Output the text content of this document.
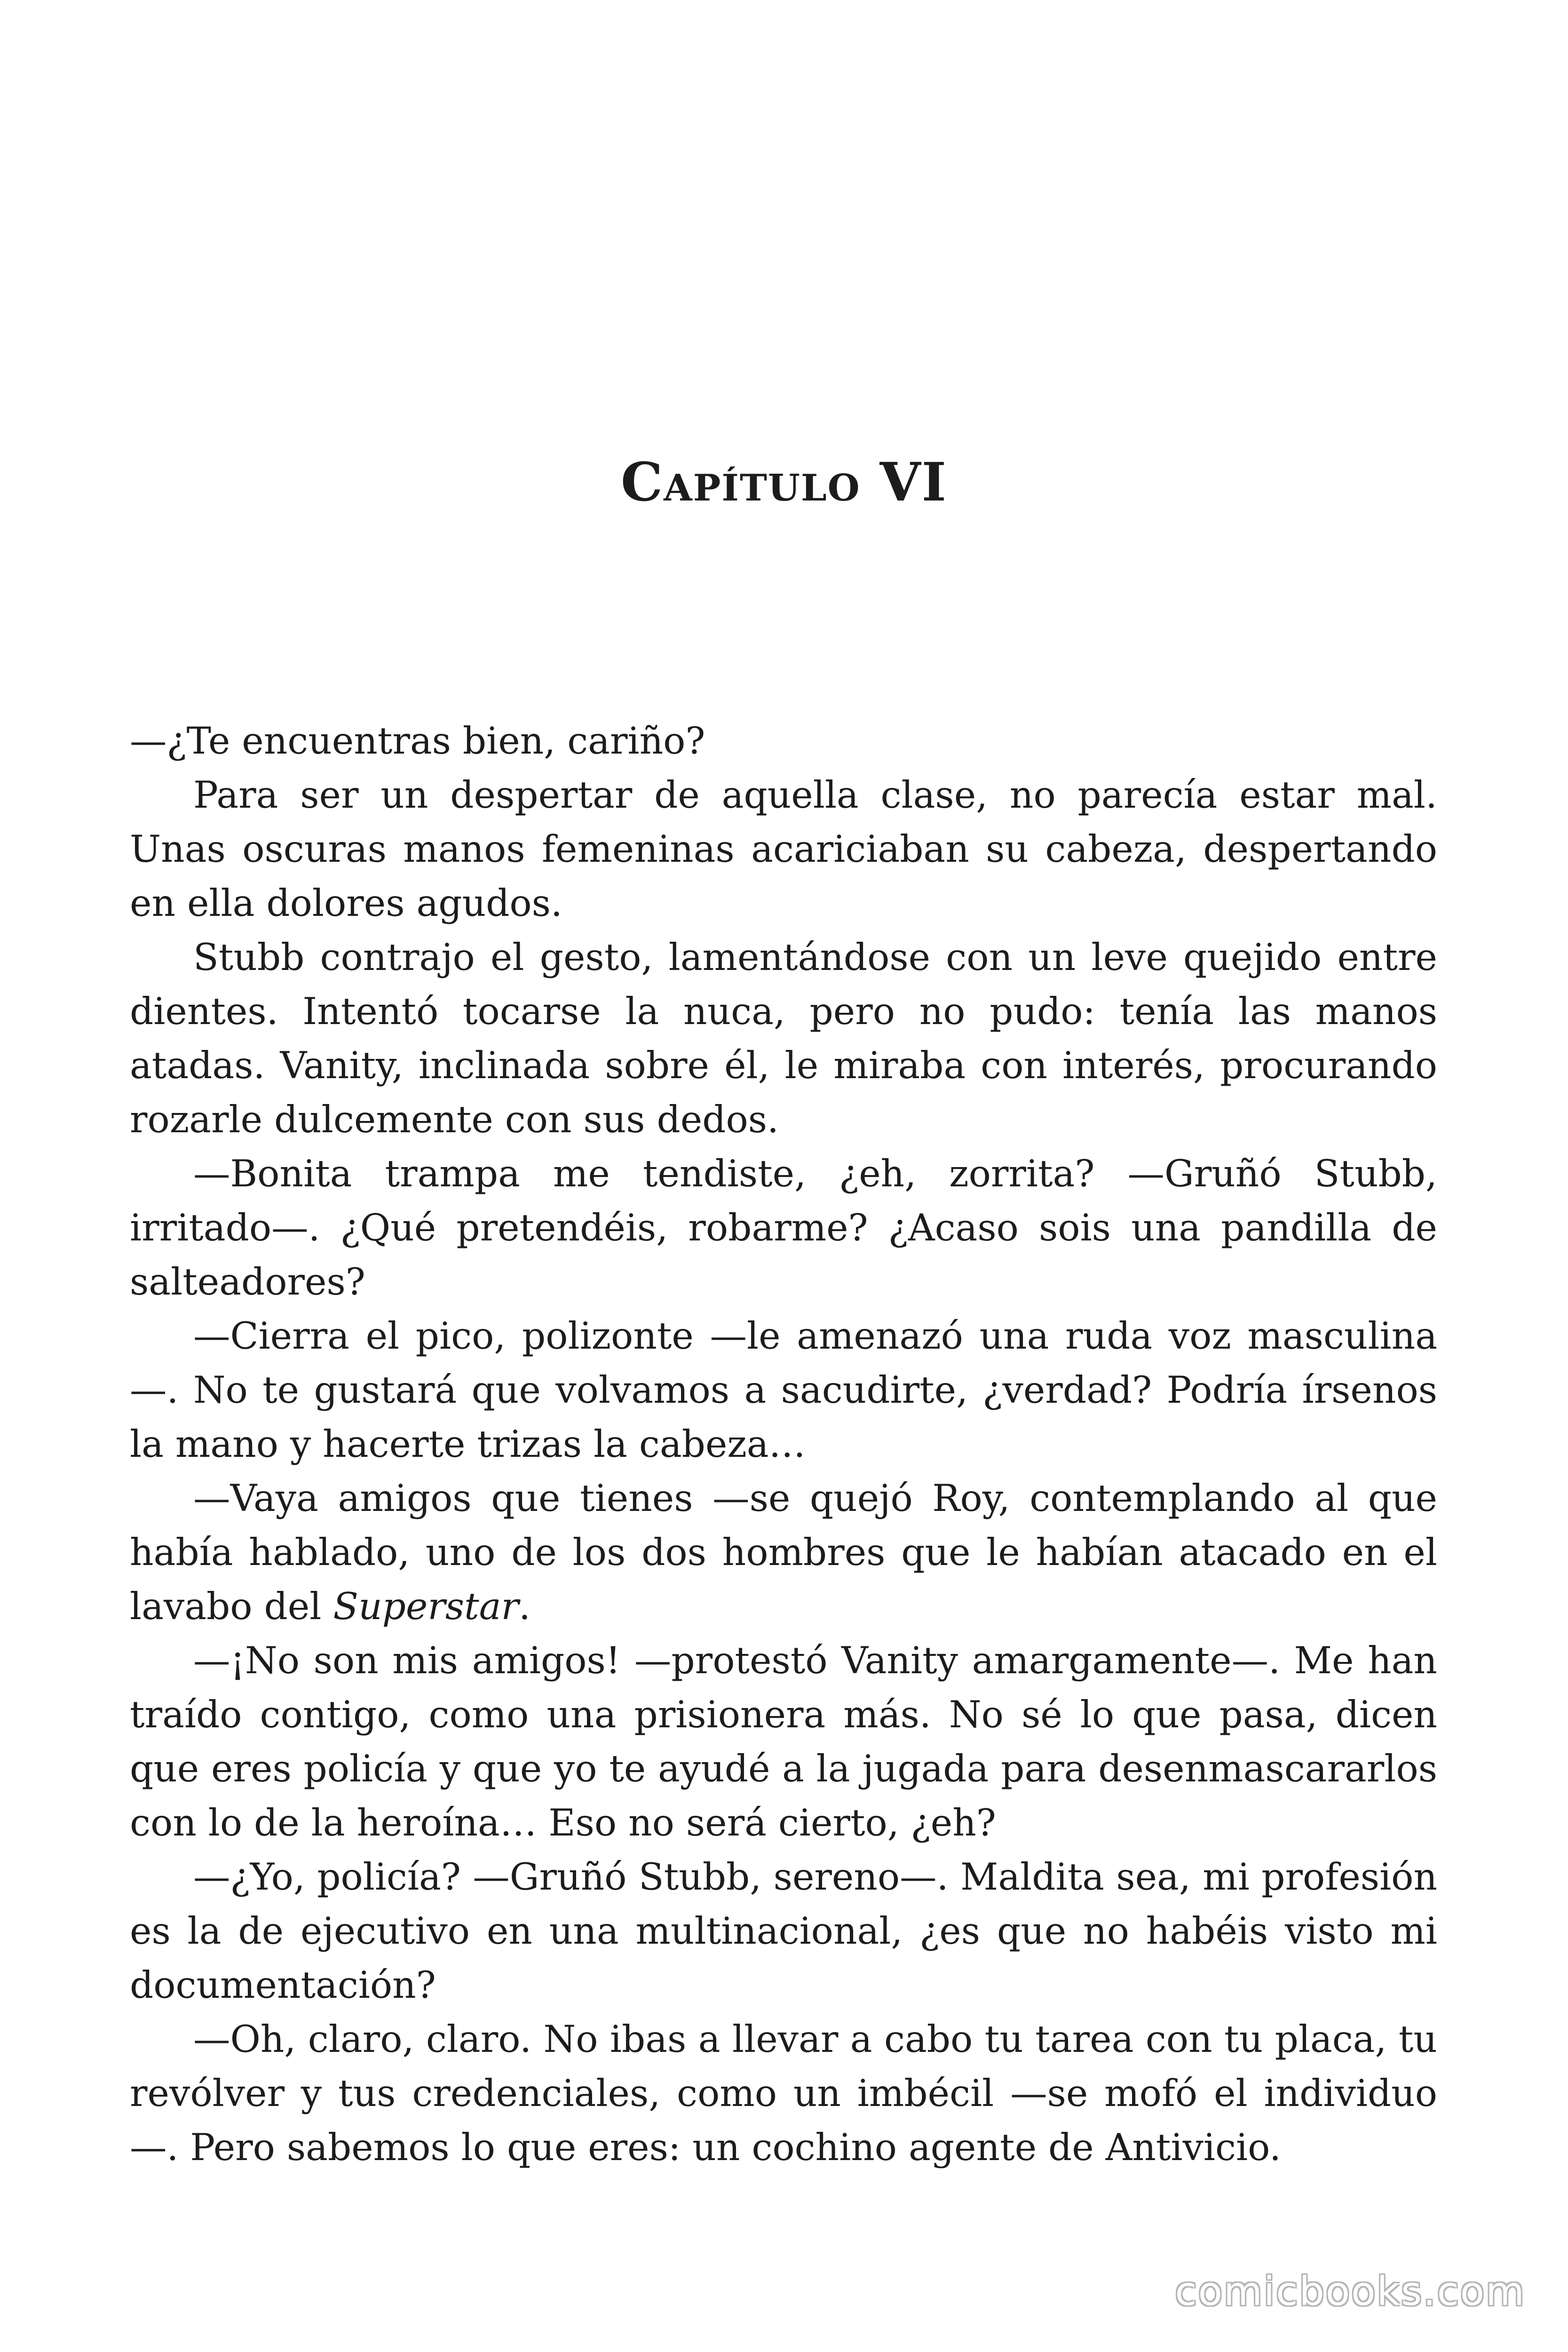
Capítulo VI

—¿Te encuentras bien, cariño?

Para ser un despertar de aquella clase, no parecía estar mal. Unas oscuras manos femeninas acariciaban su cabeza, despertando en ella dolores agudos.

Stubb contrajo el gesto, lamentándose con un leve quejido entre dientes. Intentó tocarse la nuca, pero no pudo: tenía las manos atadas. Vanity, inclinada sobre él, le miraba con interés, procurando rozarle dulcemente con sus dedos.

—Bonita trampa me tendiste, ¿eh, zorrita? —Gruñó Stubb, irritado—. ¿Qué pretendéis, robarme? ¿Acaso sois una pandilla de salteadores?

—Cierra el pico, polizonte —le amenazó una ruda voz masculina —. No te gustará que volvamos a sacudirte, ¿verdad? Podría írsenos la mano y hacerte trizas la cabeza…

—Vaya amigos que tienes —se quejó Roy, contemplando al que había hablado, uno de los dos hombres que le habían atacado en el lavabo del Superstar.

—¡No son mis amigos! —protestó Vanity amargamente—. Me han traído contigo, como una prisionera más. No sé lo que pasa, dicen que eres policía y que yo te ayudé a la jugada para desenmascararlos con lo de la heroína… Eso no será cierto, ¿eh?

—¿Yo, policía? —Gruñó Stubb, sereno—. Maldita sea, mi profesión es la de ejecutivo en una multinacional, ¿es que no habéis visto mi documentación?

—Oh, claro, claro. No ibas a llevar a cabo tu tarea con tu placa, tu revólver y tus credenciales, como un imbécil —se mofó el individuo—. Pero sabemos lo que eres: un cochino agente de Antivicio.

comicbooks.com
